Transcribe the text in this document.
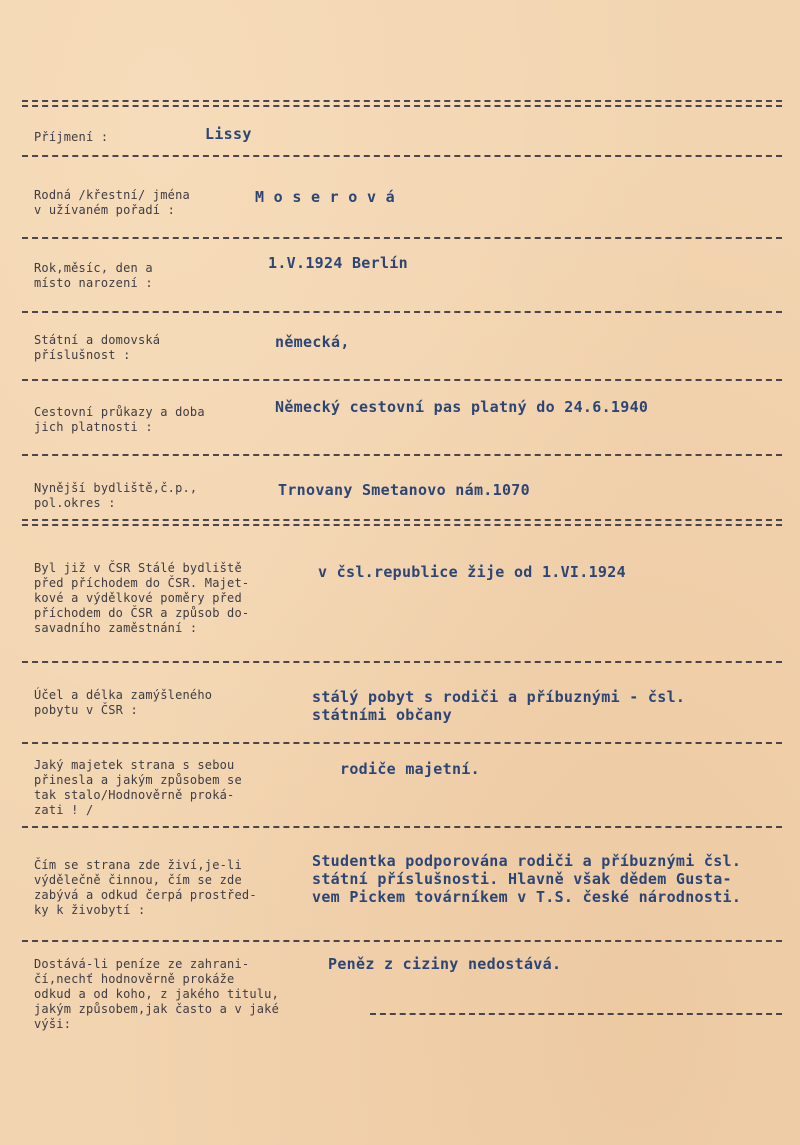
Příjmení :	Lissy
Rodná /křestní/ jména
v užívaném pořadí :
M o s e r o v á
Rok,měsíc, den a
místo narození :
1.V.1924 Berlín
Státní a domovská
příslušnost :
německá,
Cestovní průkazy a doba
jich platnosti :
Německý cestovní pas platný do 24.6.1940
Nynější bydliště,č.p.,
pol.okres :
Trnovany Smetanovo nám.1070
Byl již v ČSR Stálé bydliště
před příchodem do ČSR. Majet-
kové a výdělkové poměry před
příchodem do ČSR a způsob do-
savadního zaměstnání :
v čsl.republice žije od 1.VI.1924
Účel a délka zamýšleného
pobytu v ČSR :
stálý pobyt s rodiči a příbuznými - čsl.
státními občany
Jaký majetek strana s sebou
přinesla a jakým způsobem se
tak stalo/Hodnověrně proká-
zati ! /
rodiče majetní.
Čím se strana zde živí,je-li
výdělečně činnou, čím se zde
zabývá a odkud čerpá prostřed-
ky k živobytí :
Studentka podporována rodiči a příbuznými čsl.
státní příslušnosti. Hlavně však dědem Gusta-
vem Pickem továrníkem v T.S. české národnosti.
Dostává-li peníze ze zahrani-
čí,nechť hodnověrně prokáže
odkud a od koho, z jakého titulu,
jakým způsobem,jak často a v jaké výši:
Peněz z ciziny nedostává.
